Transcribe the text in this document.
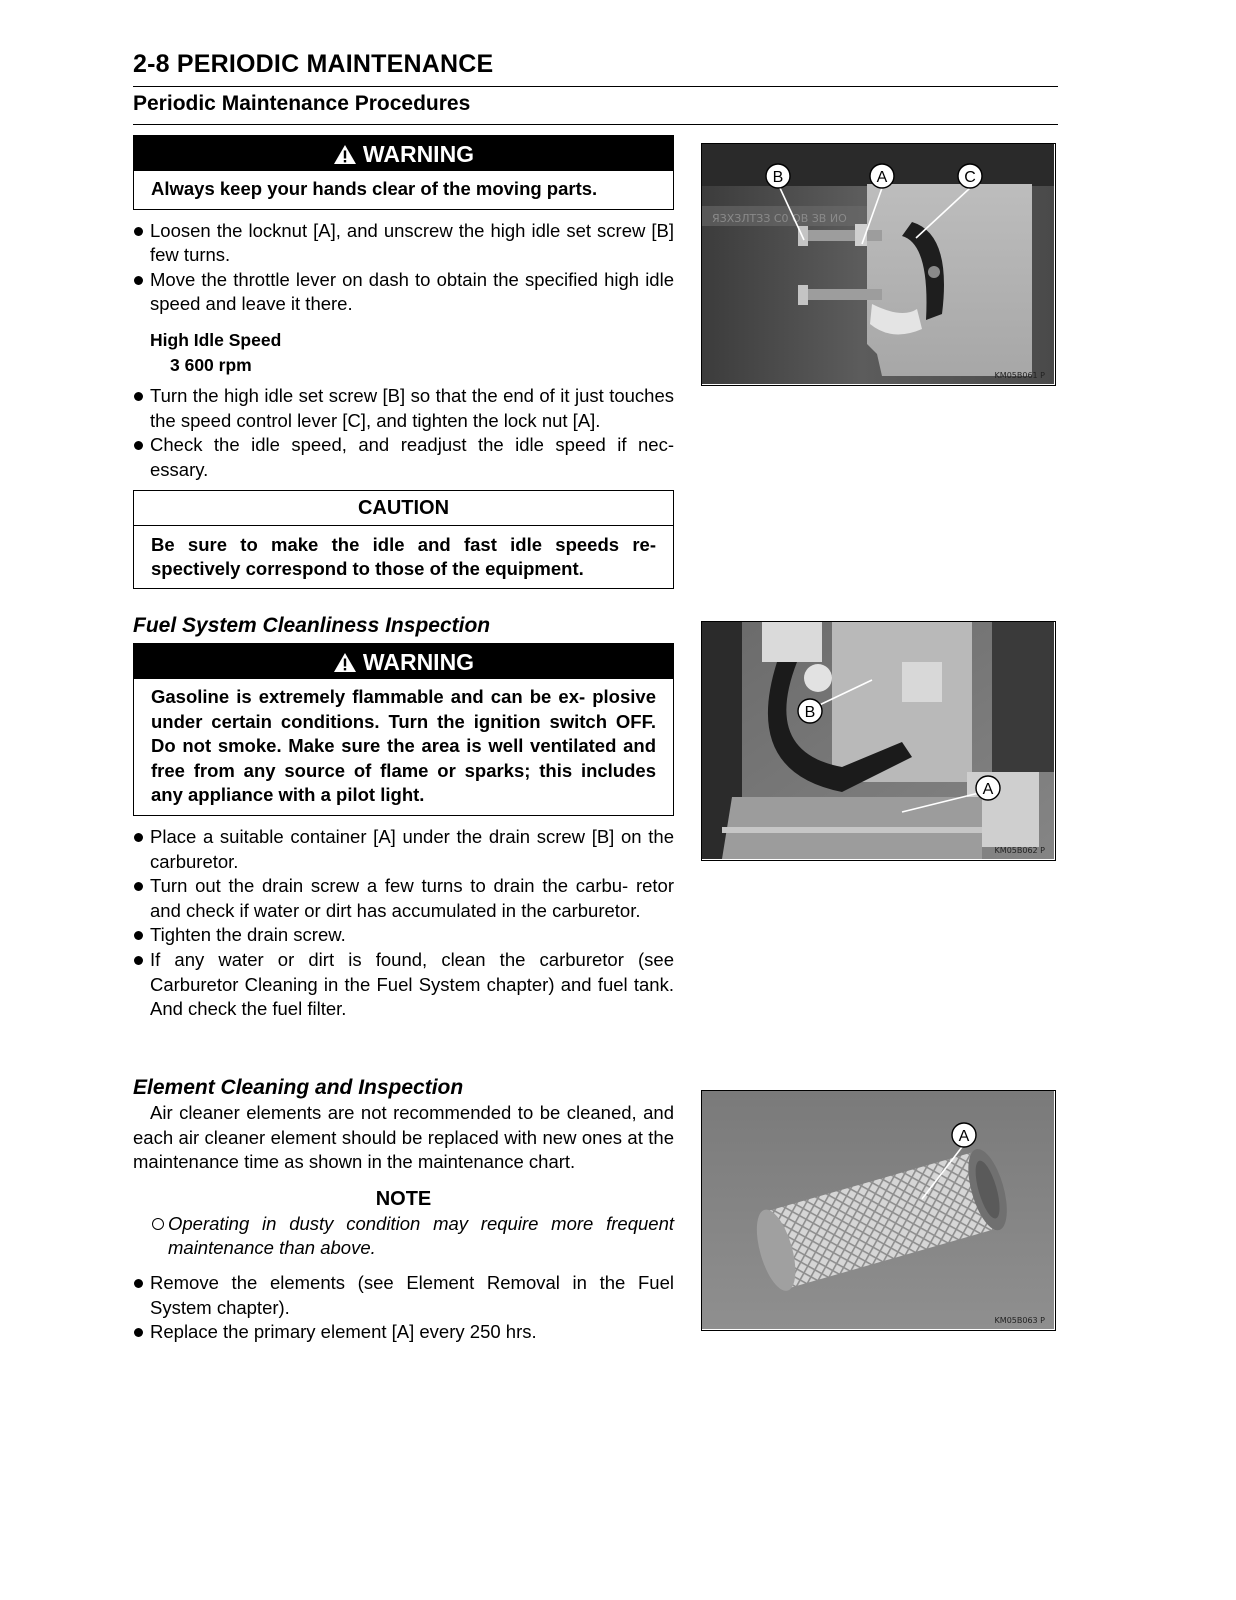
2-8 PERIODIC MAINTENANCE
Periodic Maintenance Procedures
WARNING
Always keep your hands clear of the moving parts.
Loosen the locknut [A], and unscrew the high idle set screw [B] few turns.
Move the throttle lever on dash to obtain the specified high idle speed and leave it there.
High Idle Speed
3 600 rpm
Turn the high idle set screw [B] so that the end of it just touches the speed control lever [C], and tighten the lock nut [A].
Check the idle speed, and readjust the idle speed if nec- essary.
CAUTION
Be sure to make the idle and fast idle speeds re- spectively correspond to those of the equipment.
Fuel System Cleanliness Inspection
WARNING
Gasoline is extremely flammable and can be ex- plosive under certain conditions. Turn the ignition switch OFF. Do not smoke. Make sure the area is well ventilated and free from any source of flame or sparks; this includes any appliance with a pilot light.
Place a suitable container [A] under the drain screw [B] on the carburetor.
Turn out the drain screw a few turns to drain the carbu- retor and check if water or dirt has accumulated in the carburetor.
Tighten the drain screw.
If any water or dirt is found, clean the carburetor (see Carburetor Cleaning in the Fuel System chapter) and fuel tank. And check the fuel filter.
Element Cleaning and Inspection
Air cleaner elements are not recommended to be cleaned, and each air cleaner element should be replaced with new ones at the maintenance time as shown in the maintenance chart.
NOTE
Operating in dusty condition may require more frequent maintenance than above.
Remove the elements (see Element Removal in the Fuel System chapter).
Replace the primary element [A] every 250 hrs.
ЯЗХЗЛТЗЗ C0 ОВ ЗВ ИО
B	A	C
KM05B061 P
B
A
KM05B062 P
A
KM05B063 P
